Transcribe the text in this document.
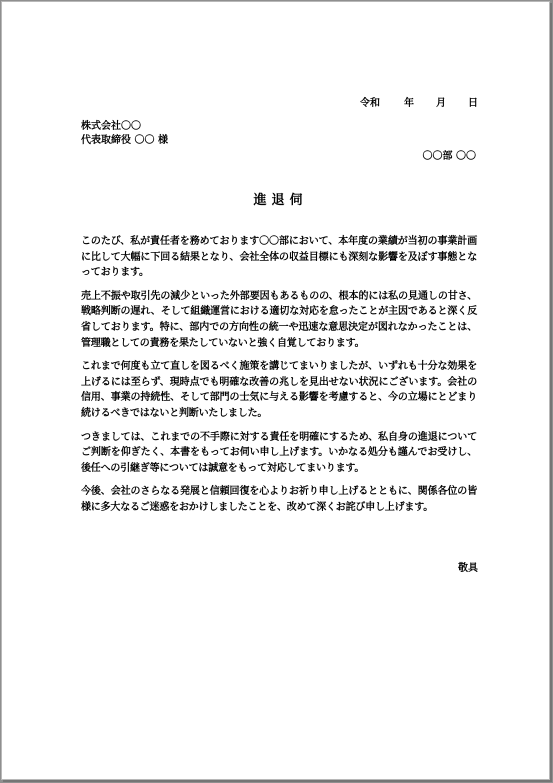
令和 年 月 日
株式会社〇〇
代表取締役 〇〇 様
〇〇部 〇〇
進退伺

このたび、私が責任者を務めております〇〇部において、本年度の業績が当初の事業計画に比して大幅に下回る結果となり、会社全体の収益目標にも深刻な影響を及ぼす事態となっております。

売上不振や取引先の減少といった外部要因もあるものの、根本的には私の見通しの甘さ、戦略判断の遅れ、そして組織運営における適切な対応を怠ったことが主因であると深く反省しております。特に、部内での方向性の統一や迅速な意思決定が図れなかったことは、管理職としての責務を果たしていないと強く自覚しております。

これまで何度も立て直しを図るべく施策を講じてまいりましたが、いずれも十分な効果を上げるには至らず、現時点でも明確な改善の兆しを見出せない状況にございます。会社の信用、事業の持続性、そして部門の士気に与える影響を考慮すると、今の立場にとどまり続けるべきではないと判断いたしました。

つきましては、これまでの不手際に対する責任を明確にするため、私自身の進退についてご判断を仰ぎたく、本書をもってお伺い申し上げます。いかなる処分も謹んでお受けし、後任への引継ぎ等については誠意をもって対応してまいります。

今後、会社のさらなる発展と信頼回復を心よりお祈り申し上げるとともに、関係各位の皆様に多大なるご迷惑をおかけしましたことを、改めて深くお詫び申し上げます。

敬具
